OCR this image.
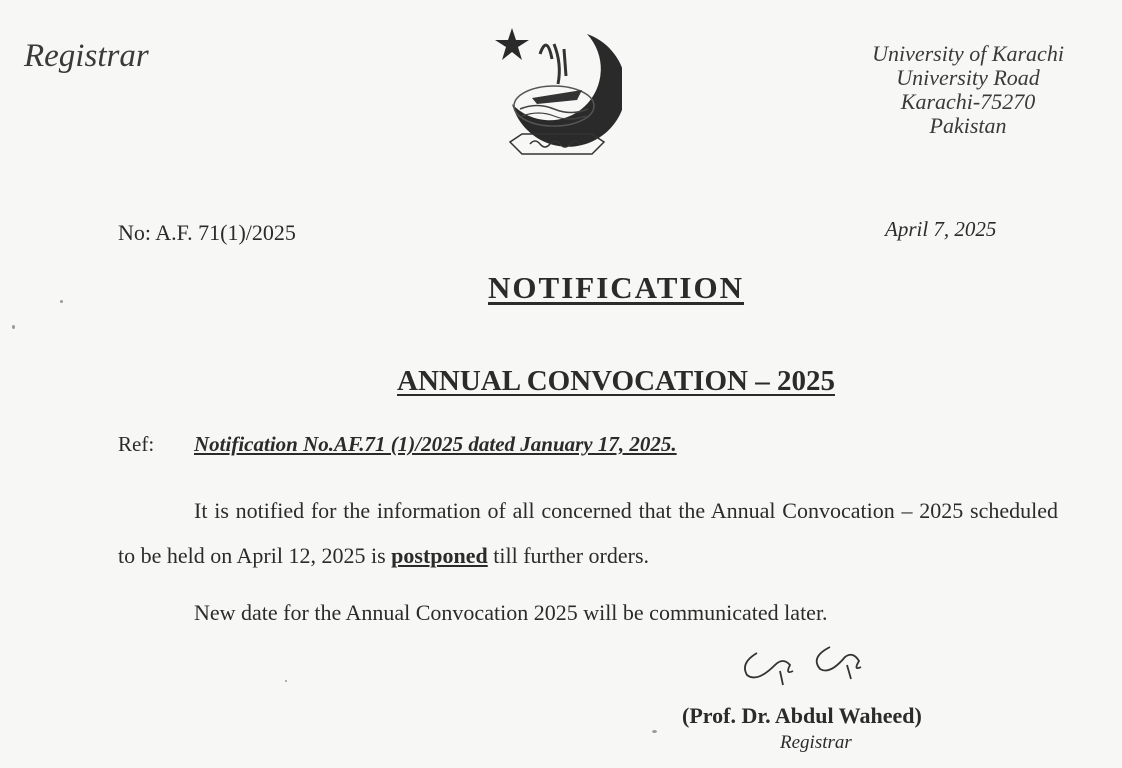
Registrar	University of Karachi
University Road
Karachi-75270
Pakistan
No: A.F. 71(1)/2025	April 7, 2025
NOTIFICATION
ANNUAL CONVOCATION – 2025
Ref: Notification No.AF.71 (1)/2025 dated January 17, 2025.
It is notified for the information of all concerned that the Annual Convocation – 2025 scheduled to be held on April 12, 2025 is postponed till further orders.
New date for the Annual Convocation 2025 will be communicated later.
(Prof. Dr. Abdul Waheed)
Registrar
